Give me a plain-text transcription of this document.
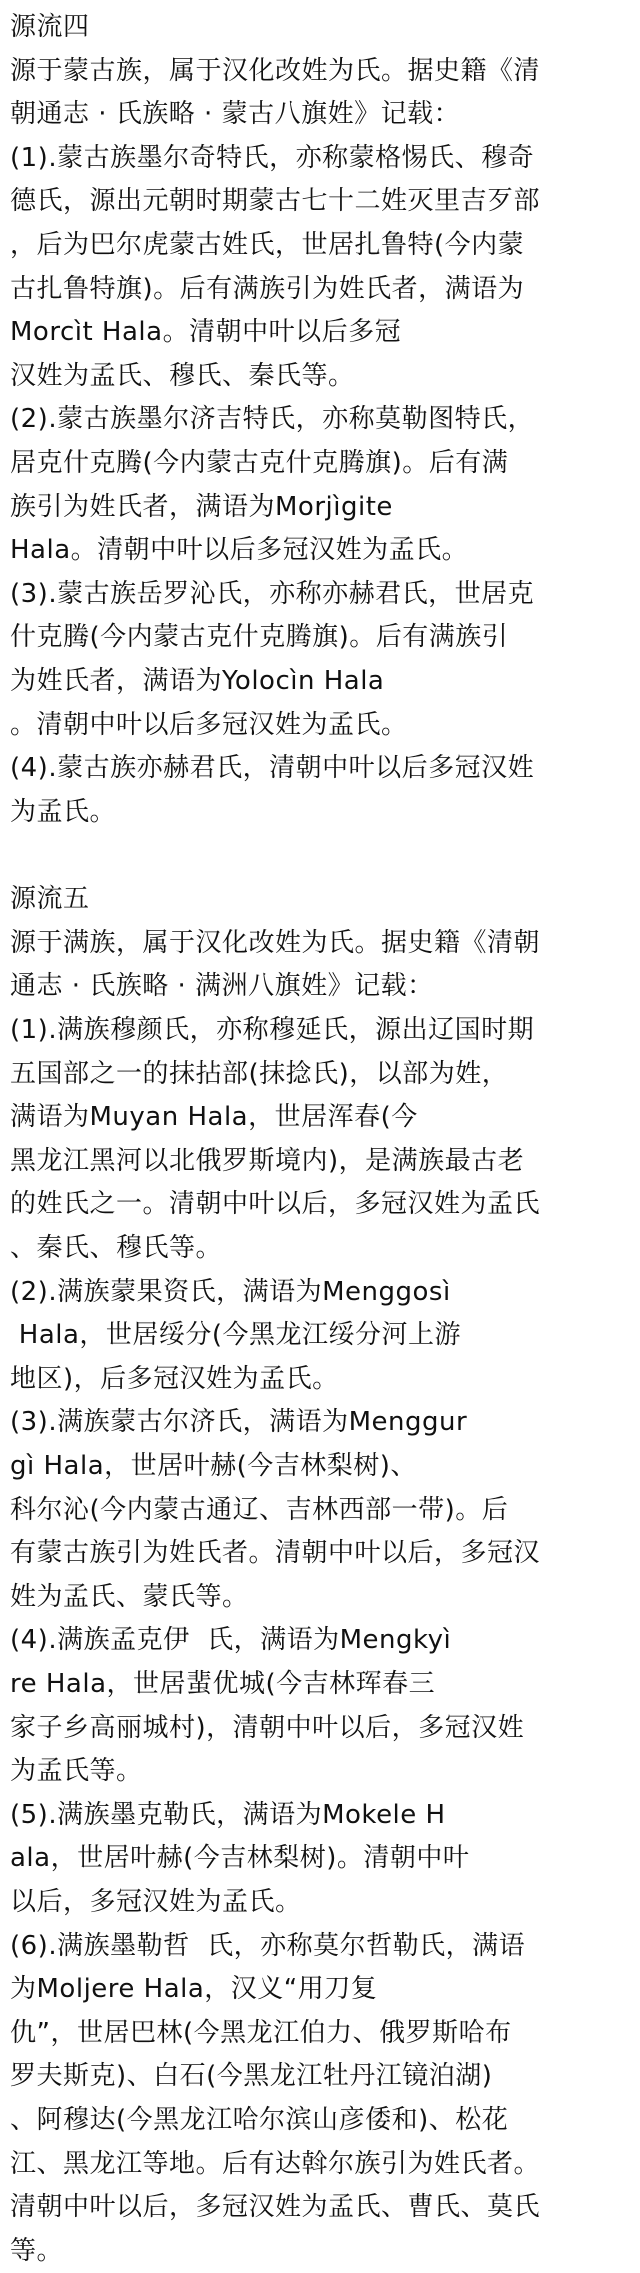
源流四
源于蒙古族，属于汉化改姓为氏。据史籍《清
朝通志 · 氏族略 · 蒙古八旗姓》记载：
(1).蒙古族墨尔奇特氏，亦称蒙格惕氏、穆奇
德氏，源出元朝时期蒙古七十二姓灭里吉歹部
，后为巴尔虎蒙古姓氏，世居扎鲁特(今内蒙
古扎鲁特旗)。后有满族引为姓氏者，满语为
Morcìt Hala。清朝中叶以后多冠
汉姓为孟氏、穆氏、秦氏等。
(2).蒙古族墨尔济吉特氏，亦称莫勒图特氏，
居克什克腾(今内蒙古克什克腾旗)。后有满
族引为姓氏者，满语为Morjìgite
Hala。清朝中叶以后多冠汉姓为孟氏。
(3).蒙古族岳罗沁氏，亦称亦赫君氏，世居克
什克腾(今内蒙古克什克腾旗)。后有满族引
为姓氏者，满语为Yolocìn Hala
。清朝中叶以后多冠汉姓为孟氏。
(4).蒙古族亦赫君氏，清朝中叶以后多冠汉姓
为孟氏。
源流五
源于满族，属于汉化改姓为氏。据史籍《清朝
通志 · 氏族略 · 满洲八旗姓》记载：
(1).满族穆颜氏，亦称穆延氏，源出辽国时期
五国部之一的抹拈部(抹捻氏)，以部为姓，
满语为Muyan Hala，世居浑春(今
黑龙江黑河以北俄罗斯境内)，是满族最古老
的姓氏之一。清朝中叶以后，多冠汉姓为孟氏
、秦氏、穆氏等。
(2).满族蒙果资氏，满语为Menggosì
Hala，世居绥分(今黑龙江绥分河上游
地区)，后多冠汉姓为孟氏。
(3).满族蒙古尔济氏，满语为Menggur
gì Hala，世居叶赫(今吉林梨树)、
科尔沁(今内蒙古通辽、吉林西部一带)。后
有蒙古族引为姓氏者。清朝中叶以后，多冠汉
姓为孟氏、蒙氏等。
(4).满族孟克伊  氏，满语为Mengkyì
re Hala，世居蜚优城(今吉林珲春三
家子乡高丽城村)，清朝中叶以后，多冠汉姓
为孟氏等。
(5).满族墨克勒氏，满语为Mokele H
ala，世居叶赫(今吉林梨树)。清朝中叶
以后，多冠汉姓为孟氏。
(6).满族墨勒哲  氏，亦称莫尔哲勒氏，满语
为Moljere Hala，汉义“用刀复
仇”，世居巴林(今黑龙江伯力、俄罗斯哈布
罗夫斯克)、白石(今黑龙江牡丹江镜泊湖)
、阿穆达(今黑龙江哈尔滨山彦倭和)、松花
江、黑龙江等地。后有达斡尔族引为姓氏者。
清朝中叶以后，多冠汉姓为孟氏、曹氏、莫氏
等。
